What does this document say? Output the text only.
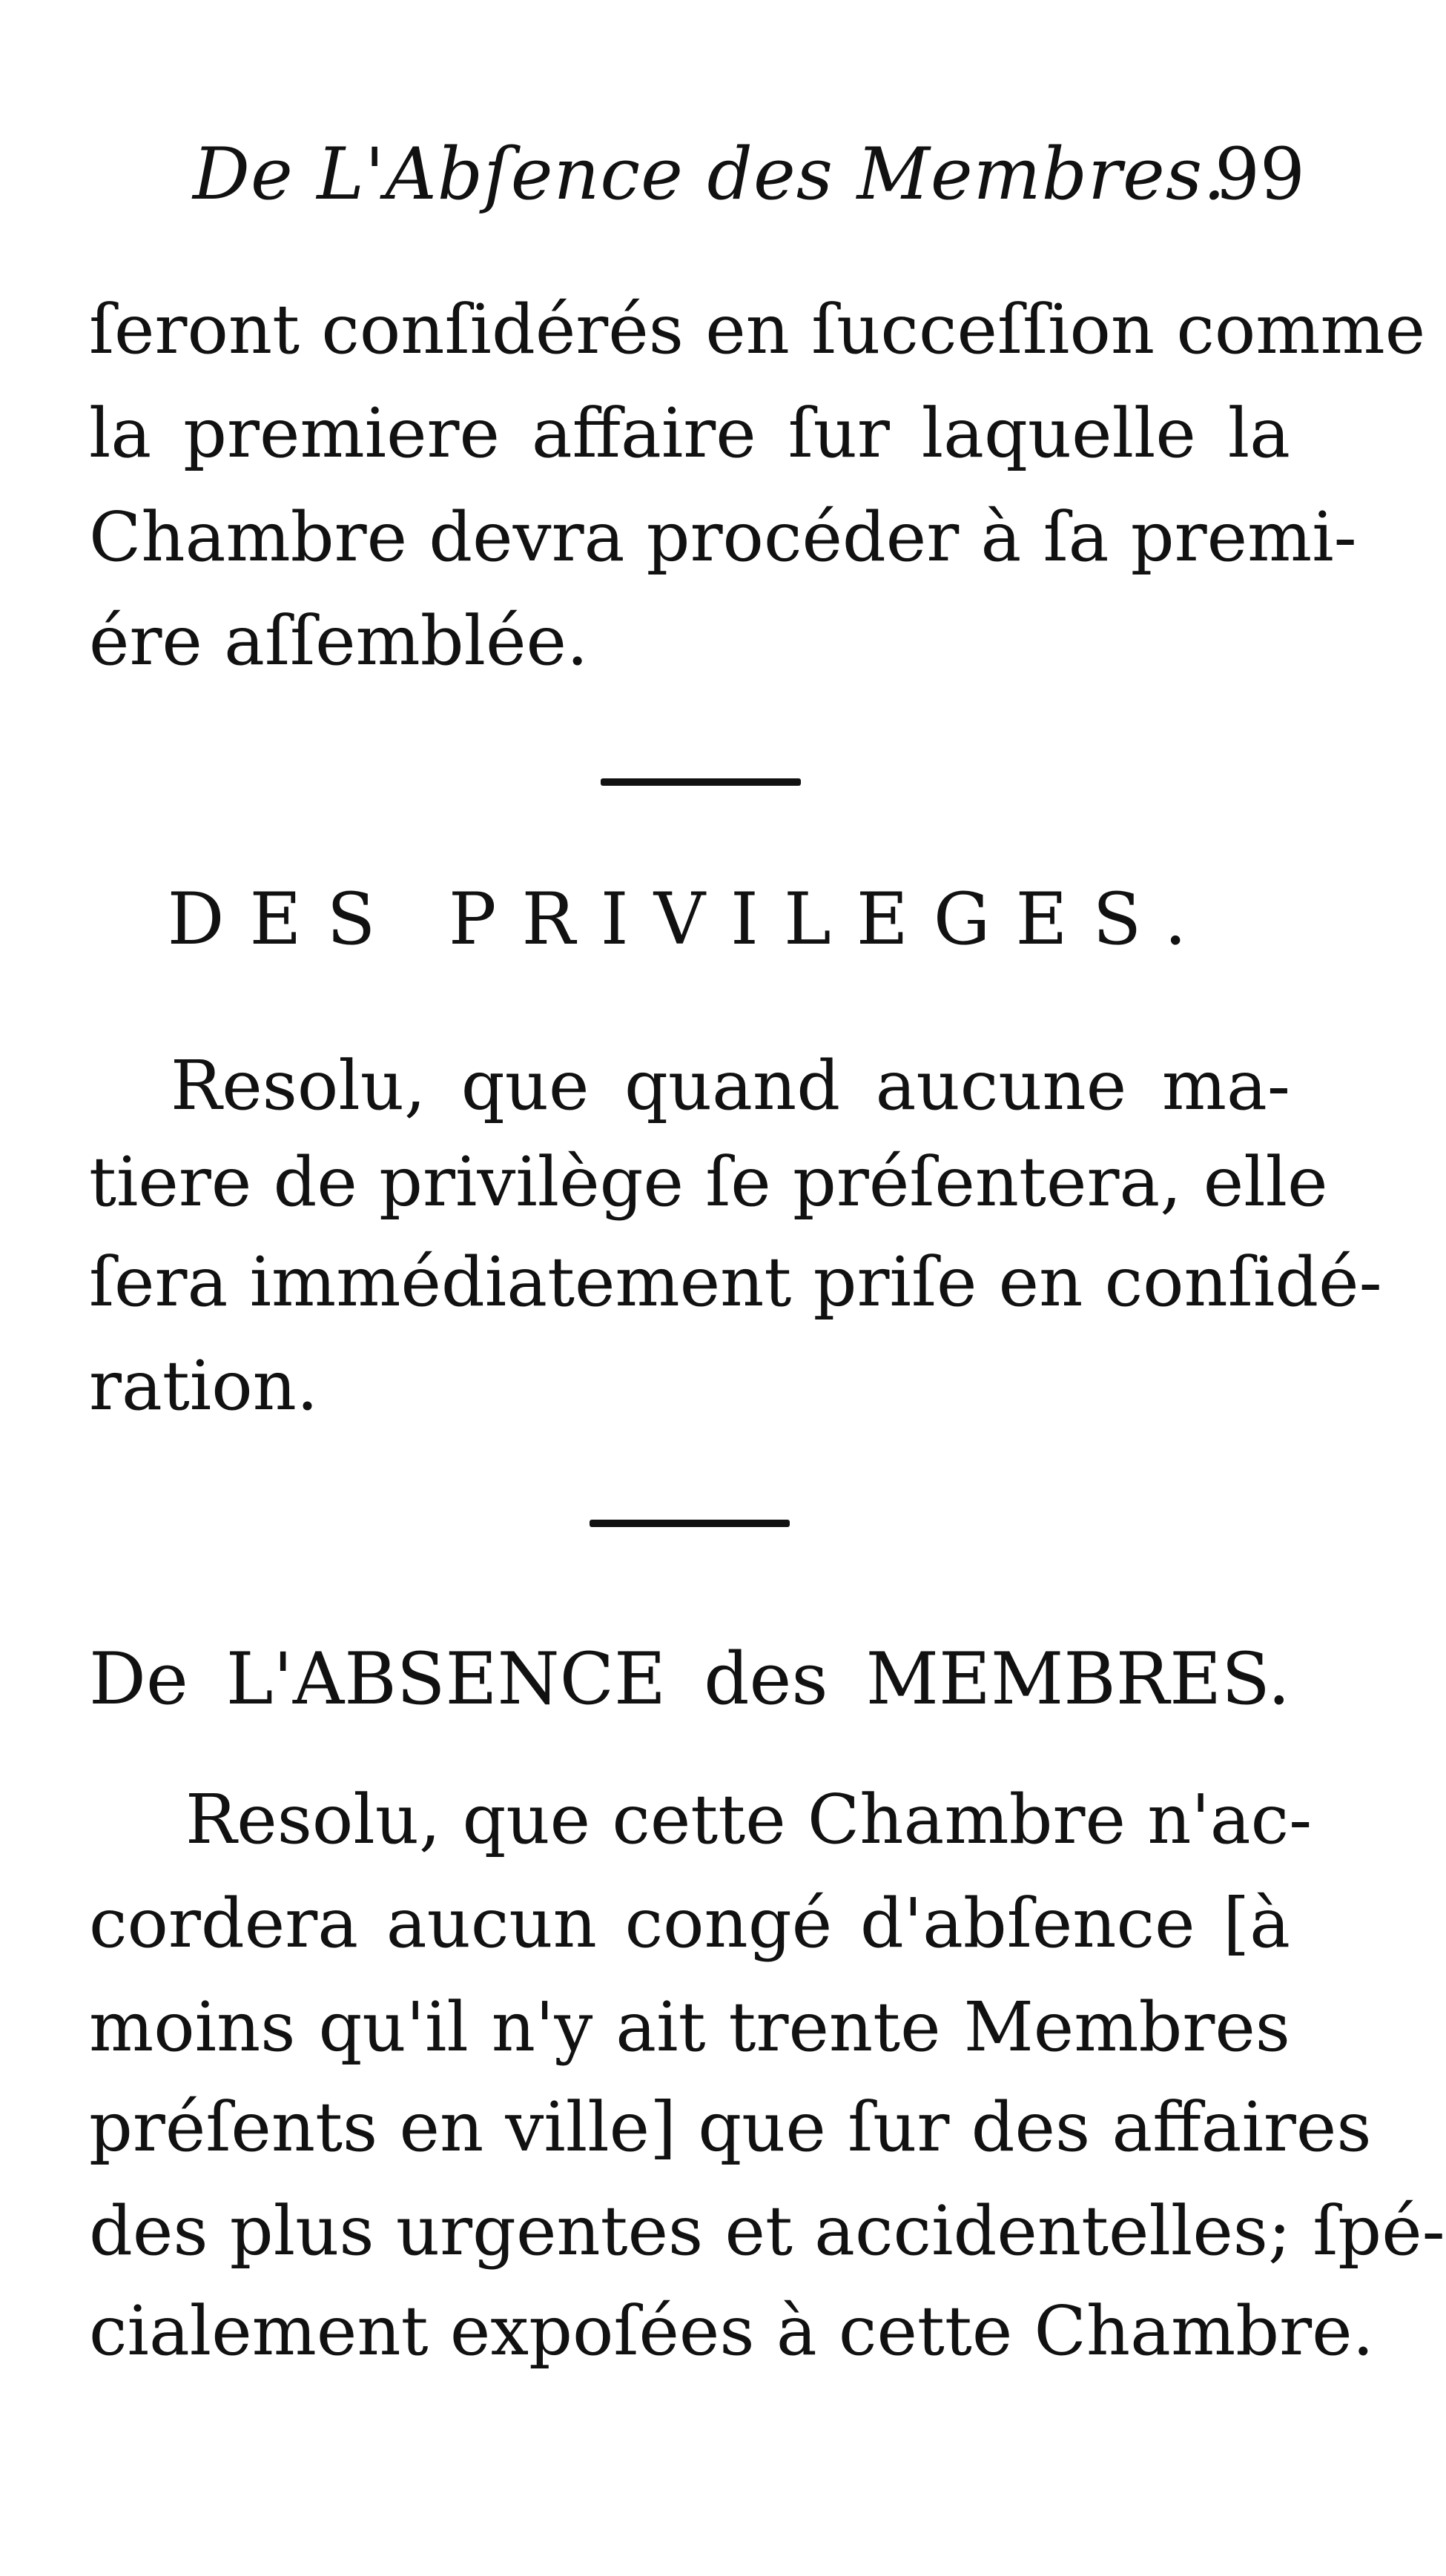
De L'Abſence des Membres.
99
ſeront conſidérés en ſucceſſion comme
la premiere affaire ſur laquelle la
Chambre devra procéder à ſa premi-
ére aſſemblée.
DES PRIVILEGES.
Resolu, que quand aucune ma-
tiere de privilège ſe préſentera, elle
ſera immédiatement priſe en conſidé-
ration.
De L'ABSENCE des MEMBRES.
Resolu, que cette Chambre n'ac-
cordera aucun congé d'abſence [à
moins qu'il n'y ait trente Membres
préſents en ville] que ſur des affaires
des plus urgentes et accidentelles; ſpé-
cialement expoſées à cette Chambre.
